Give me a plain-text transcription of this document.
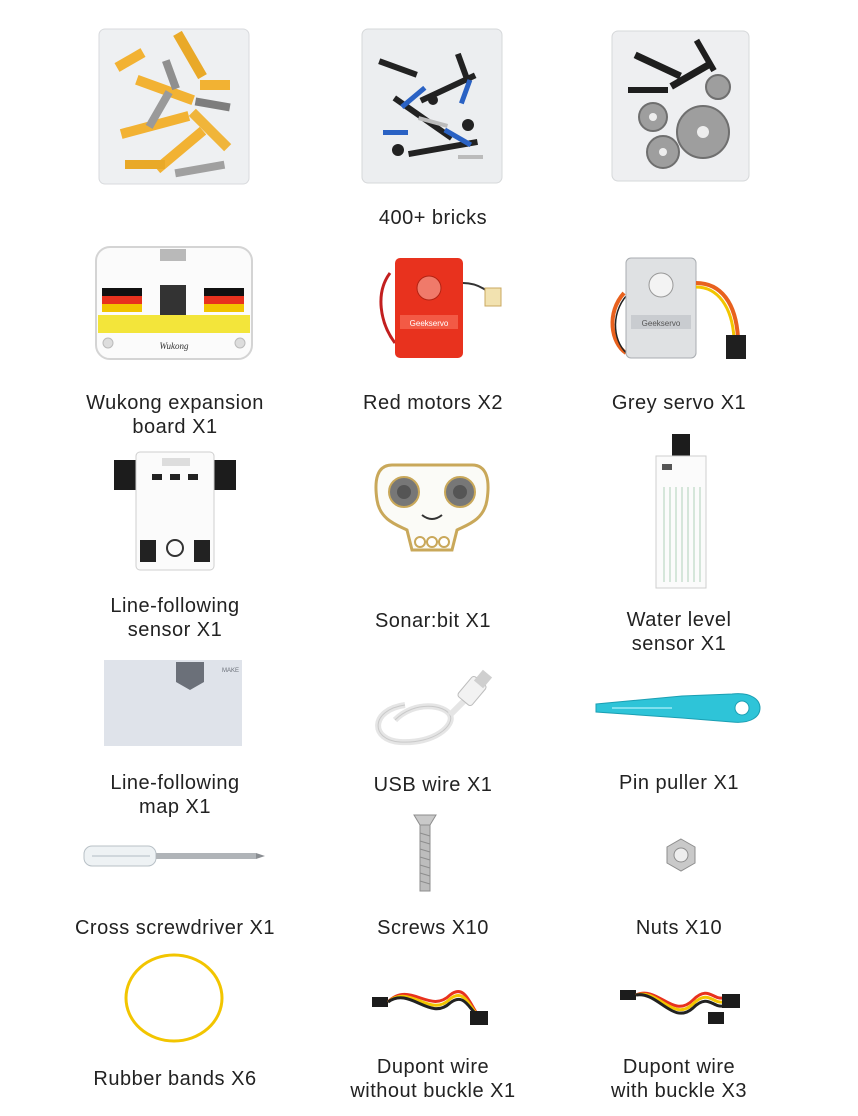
400+ bricks
Wukong
Wukong expansion
board X1
Geekservo
Red motors X2
Geekservo
Grey servo X1
Line-following
sensor X1	Sonar:bit X1	Water level
sensor X1
MAKE
Line-following
map X1
USB wire X1	Pin puller X1
Cross screwdriver X1	Screws X10	Nuts X10
Rubber bands X6
Dupont wire
without buckle X1
Dupont wire
with buckle X3
